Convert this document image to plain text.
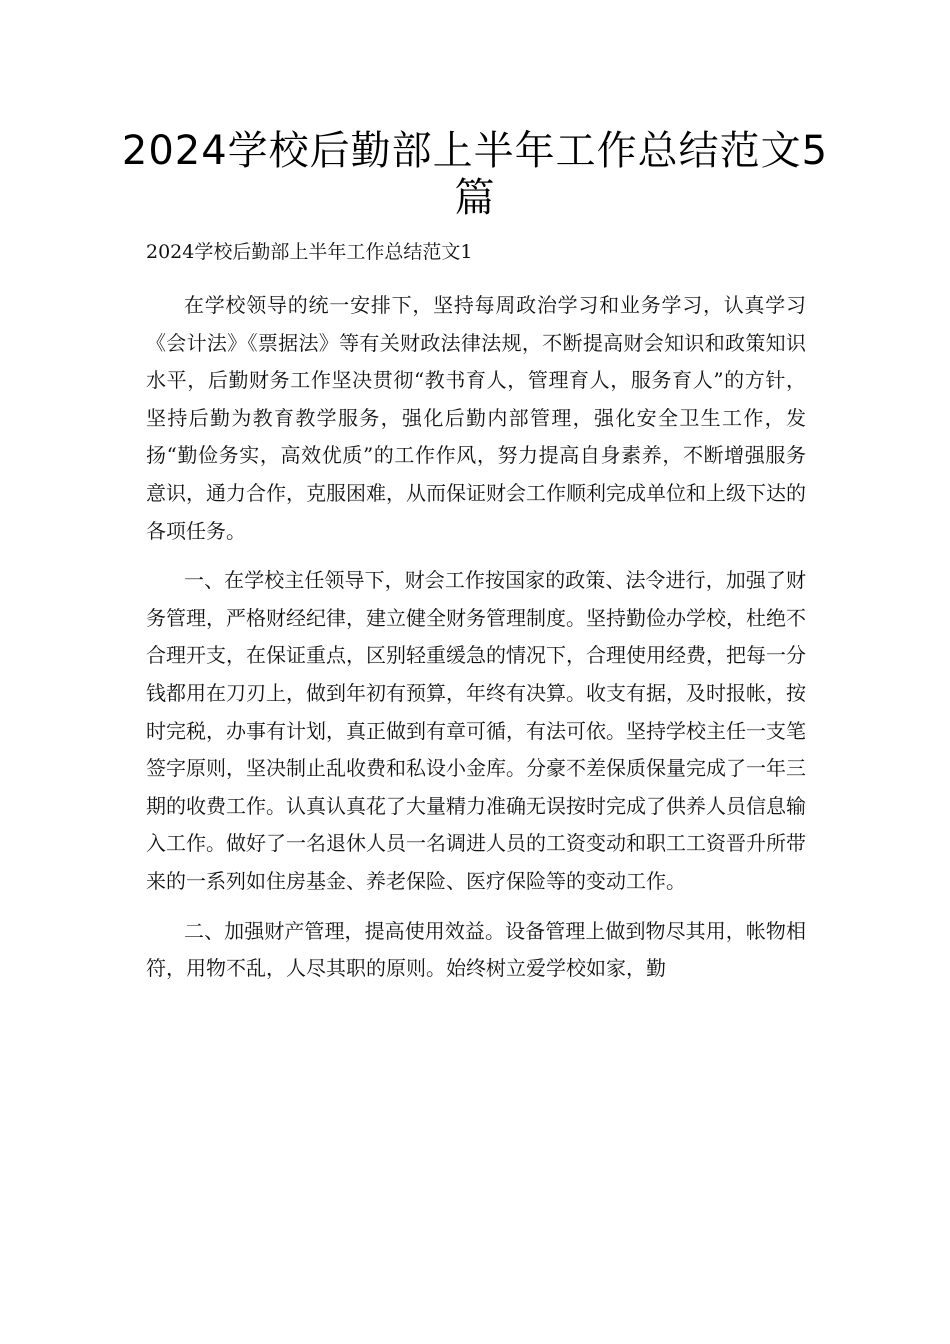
2024学校后勤部上半年工作总结范文5篇
2024学校后勤部上半年工作总结范文1

在学校领导的统一安排下，坚持每周政治学习和业务学习，认真学习《会计法》《票据法》等有关财政法律法规，不断提高财会知识和政策知识水平，后勤财务工作坚决贯彻“教书育人，管理育人，服务育人”的方针，坚持后勤为教育教学服务，强化后勤内部管理，强化安全卫生工作，发扬“勤俭务实，高效优质”的工作作风，努力提高自身素养，不断增强服务意识，通力合作，克服困难，从而保证财会工作顺利完成单位和上级下达的各项任务。

一、在学校主任领导下，财会工作按国家的政策、法令进行，加强了财务管理，严格财经纪律，建立健全财务管理制度。坚持勤俭办学校，杜绝不合理开支，在保证重点，区别轻重缓急的情况下，合理使用经费，把每一分钱都用在刀刃上，做到年初有预算，年终有决算。收支有据，及时报帐，按时完税，办事有计划，真正做到有章可循，有法可依。坚持学校主任一支笔签字原则，坚决制止乱收费和私设小金库。分豪不差保质保量完成了一年三期的收费工作。认真认真花了大量精力准确无误按时完成了供养人员信息输入工作。做好了一名退休人员一名调进人员的工资变动和职工工资晋升所带来的一系列如住房基金、养老保险、医疗保险等的变动工作。

二、加强财产管理，提高使用效益。设备管理上做到物尽其用，帐物相符，用物不乱，人尽其职的原则。始终树立爱学校如家，勤
